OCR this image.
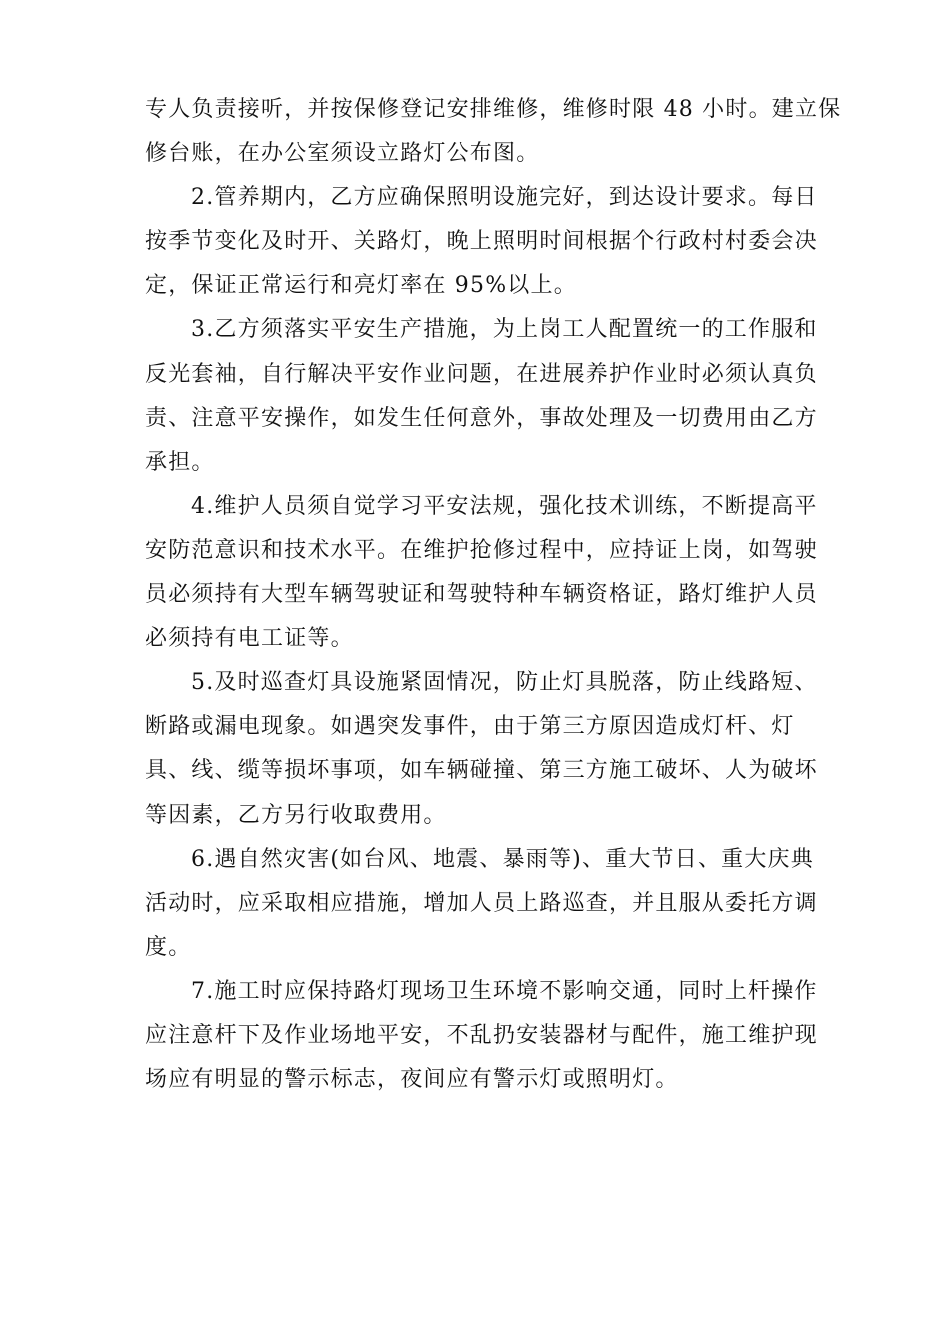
专人负责接听，并按保修登记安排维修，维修时限 48 小时。建立保
修台账，在办公室须设立路灯公布图。
2.管养期内，乙方应确保照明设施完好，到达设计要求。每日
按季节变化及时开、关路灯，晚上照明时间根据个行政村村委会决
定，保证正常运行和亮灯率在 95%以上。
3.乙方须落实平安生产措施，为上岗工人配置统一的工作服和
反光套袖，自行解决平安作业问题，在进展养护作业时必须认真负
责、注意平安操作，如发生任何意外，事故处理及一切费用由乙方
承担。
4.维护人员须自觉学习平安法规，强化技术训练，不断提高平
安防范意识和技术水平。在维护抢修过程中，应持证上岗，如驾驶
员必须持有大型车辆驾驶证和驾驶特种车辆资格证，路灯维护人员
必须持有电工证等。
5.及时巡查灯具设施紧固情况，防止灯具脱落，防止线路短、
断路或漏电现象。如遇突发事件，由于第三方原因造成灯杆、灯
具、线、缆等损坏事项，如车辆碰撞、第三方施工破坏、人为破坏
等因素，乙方另行收取费用。
6.遇自然灾害(如台风、地震、暴雨等)、重大节日、重大庆典
活动时，应采取相应措施，增加人员上路巡查，并且服从委托方调
度。
7.施工时应保持路灯现场卫生环境不影响交通，同时上杆操作
应注意杆下及作业场地平安，不乱扔安装器材与配件，施工维护现
场应有明显的警示标志，夜间应有警示灯或照明灯。
